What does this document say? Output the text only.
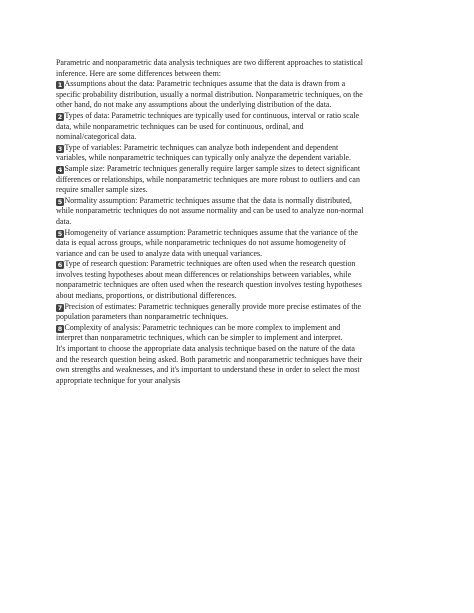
Parametric and nonparametric data analysis techniques are two different approaches to statistical
inference. Here are some differences between them:
1 Assumptions about the data: Parametric techniques assume that the data is drawn from a
specific probability distribution, usually a normal distribution. Nonparametric techniques, on the
other hand, do not make any assumptions about the underlying distribution of the data.
2 Types of data: Parametric techniques are typically used for continuous, interval or ratio scale
data, while nonparametric techniques can be used for continuous, ordinal, and
nominal/categorical data.
3 Type of variables: Parametric techniques can analyze both independent and dependent
variables, while nonparametric techniques can typically only analyze the dependent variable.
4 Sample size: Parametric techniques generally require larger sample sizes to detect significant
differences or relationships, while nonparametric techniques are more robust to outliers and can
require smaller sample sizes.
5 Normality assumption: Parametric techniques assume that the data is normally distributed,
while nonparametric techniques do not assume normality and can be used to analyze non-normal
data.
5 Homogeneity of variance assumption: Parametric techniques assume that the variance of the
data is equal across groups, while nonparametric techniques do not assume homogeneity of
variance and can be used to analyze data with unequal variances.
6 Type of research question: Parametric techniques are often used when the research question
involves testing hypotheses about mean differences or relationships between variables, while
nonparametric techniques are often used when the research question involves testing hypotheses
about medians, proportions, or distributional differences.
7 Precision of estimates: Parametric techniques generally provide more precise estimates of the
population parameters than nonparametric techniques.
8 Complexity of analysis: Parametric techniques can be more complex to implement and
interpret than nonparametric techniques, which can be simpler to implement and interpret.
It's important to choose the appropriate data analysis technique based on the nature of the data
and the research question being asked. Both parametric and nonparametric techniques have their
own strengths and weaknesses, and it's important to understand these in order to select the most
appropriate technique for your analysis
